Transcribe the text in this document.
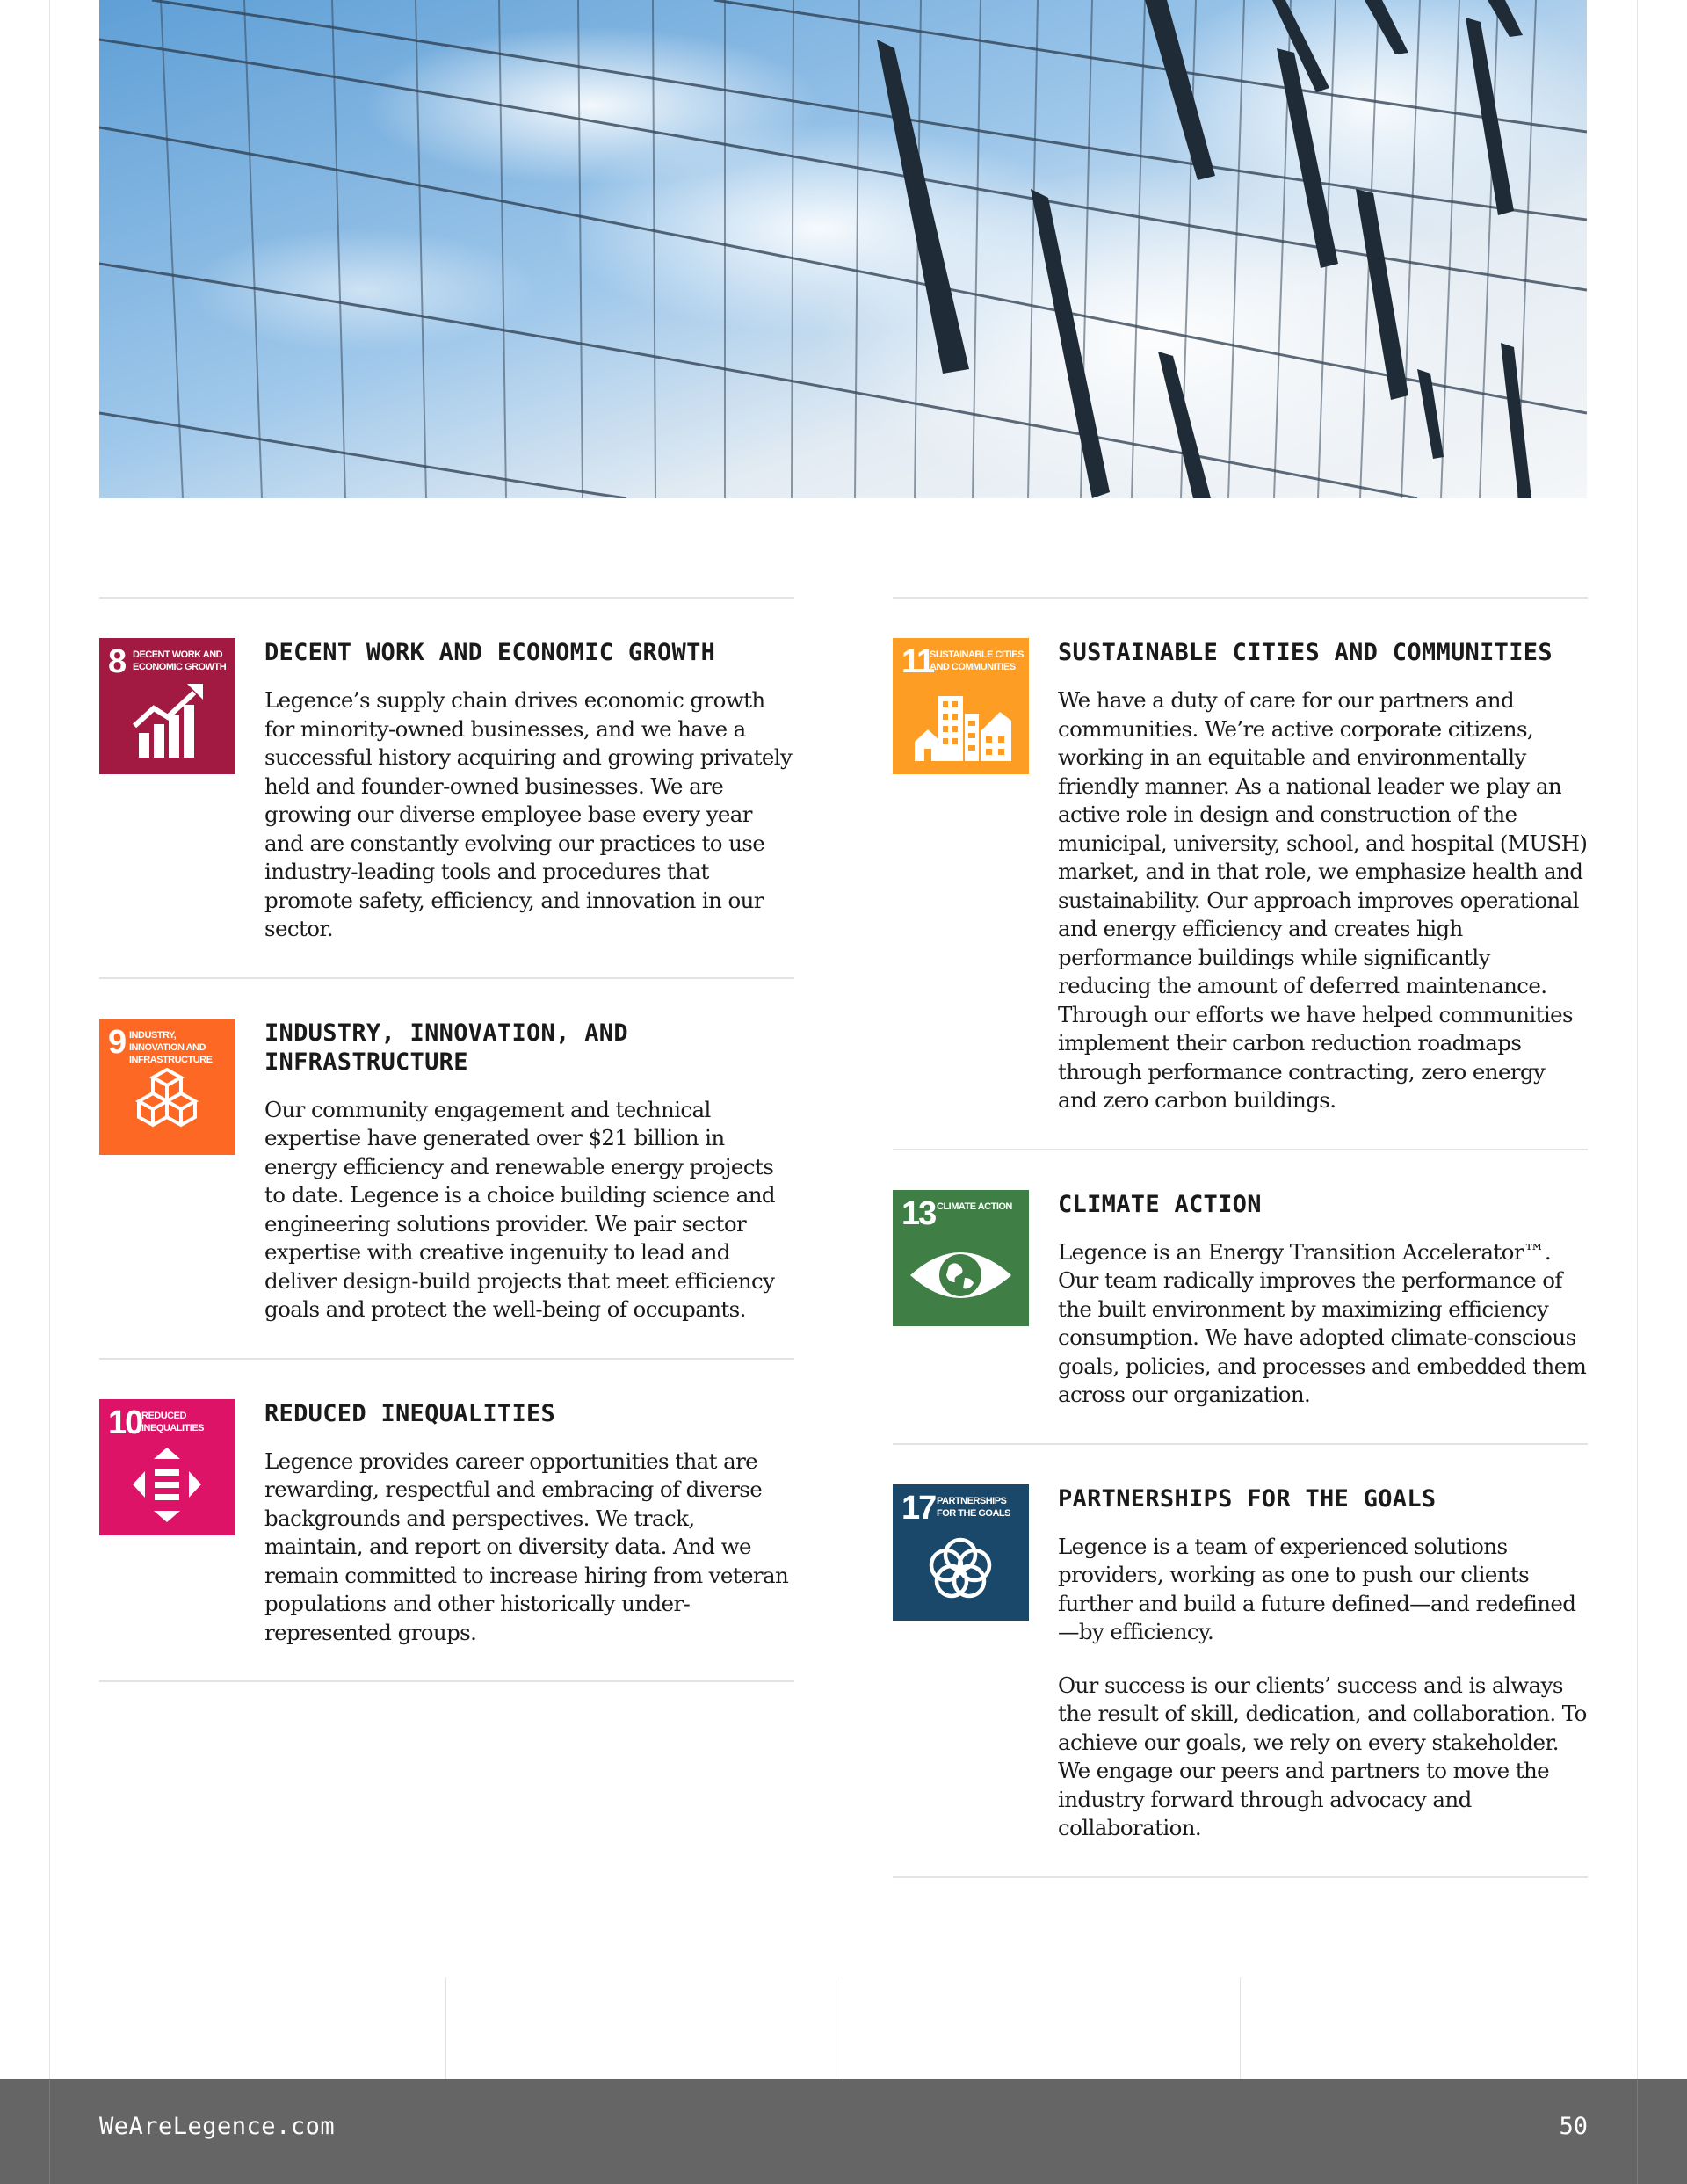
8 DECENT WORK AND ECONOMIC GROWTH
DECENT WORK AND ECONOMIC GROWTH

Legence’s supply chain drives economic growth for minority-owned businesses, and we have a successful history acquiring and growing privately held and founder-owned businesses. We are growing our diverse employee base every year and are constantly evolving our practices to use industry-leading tools and procedures that promote safety, efficiency, and innovation in our sector.

9 INDUSTRY, INNOVATION AND INFRASTRUCTURE
INDUSTRY, INNOVATION, AND INFRASTRUCTURE

Our community engagement and technical expertise have generated over $21 billion in energy efficiency and renewable energy projects to date. Legence is a choice building science and engineering solutions provider. We pair sector expertise with creative ingenuity to lead and deliver design-build projects that meet efficiency goals and protect the well-being of occupants.

10 REDUCED INEQUALITIES
REDUCED INEQUALITIES

Legence provides career opportunities that are rewarding, respectful and embracing of diverse backgrounds and perspectives. We track, maintain, and report on diversity data. And we remain committed to increase hiring from veteran populations and other historically under-represented groups.

11
SUSTAINABLE CITIES AND COMMUNITIES
SUSTAINABLE CITIES AND COMMUNITIES

We have a duty of care for our partners and communities. We’re active corporate citizens, working in an equitable and environmentally friendly manner. As a national leader we play an active role in design and construction of the municipal, university, school, and hospital (MUSH) market, and in that role, we emphasize health and sustainability. Our approach improves operational and energy efficiency and creates high performance buildings while significantly reducing the amount of deferred maintenance. Through our efforts we have helped communities implement their carbon reduction roadmaps through performance contracting, zero energy and zero carbon buildings.

13 CLIMATE ACTION CLIMATE ACTION

Legence is an Energy Transition Accelerator™. Our team radically improves the performance of the built environment by maximizing efficiency consumption. We have adopted climate-conscious goals, policies, and processes and embedded them across our organization.

17 PARTNERSHIPS FOR THE GOALS
PARTNERSHIPS FOR THE GOALS

Legence is a team of experienced solutions providers, working as one to push our clients further and build a future defined—and redefined—by efficiency.

Our success is our clients’ success and is always the result of skill, dedication, and collaboration. To achieve our goals, we rely on every stakeholder. We engage our peers and partners to move the industry forward through advocacy and collaboration.

WeAreLegence.com	50
